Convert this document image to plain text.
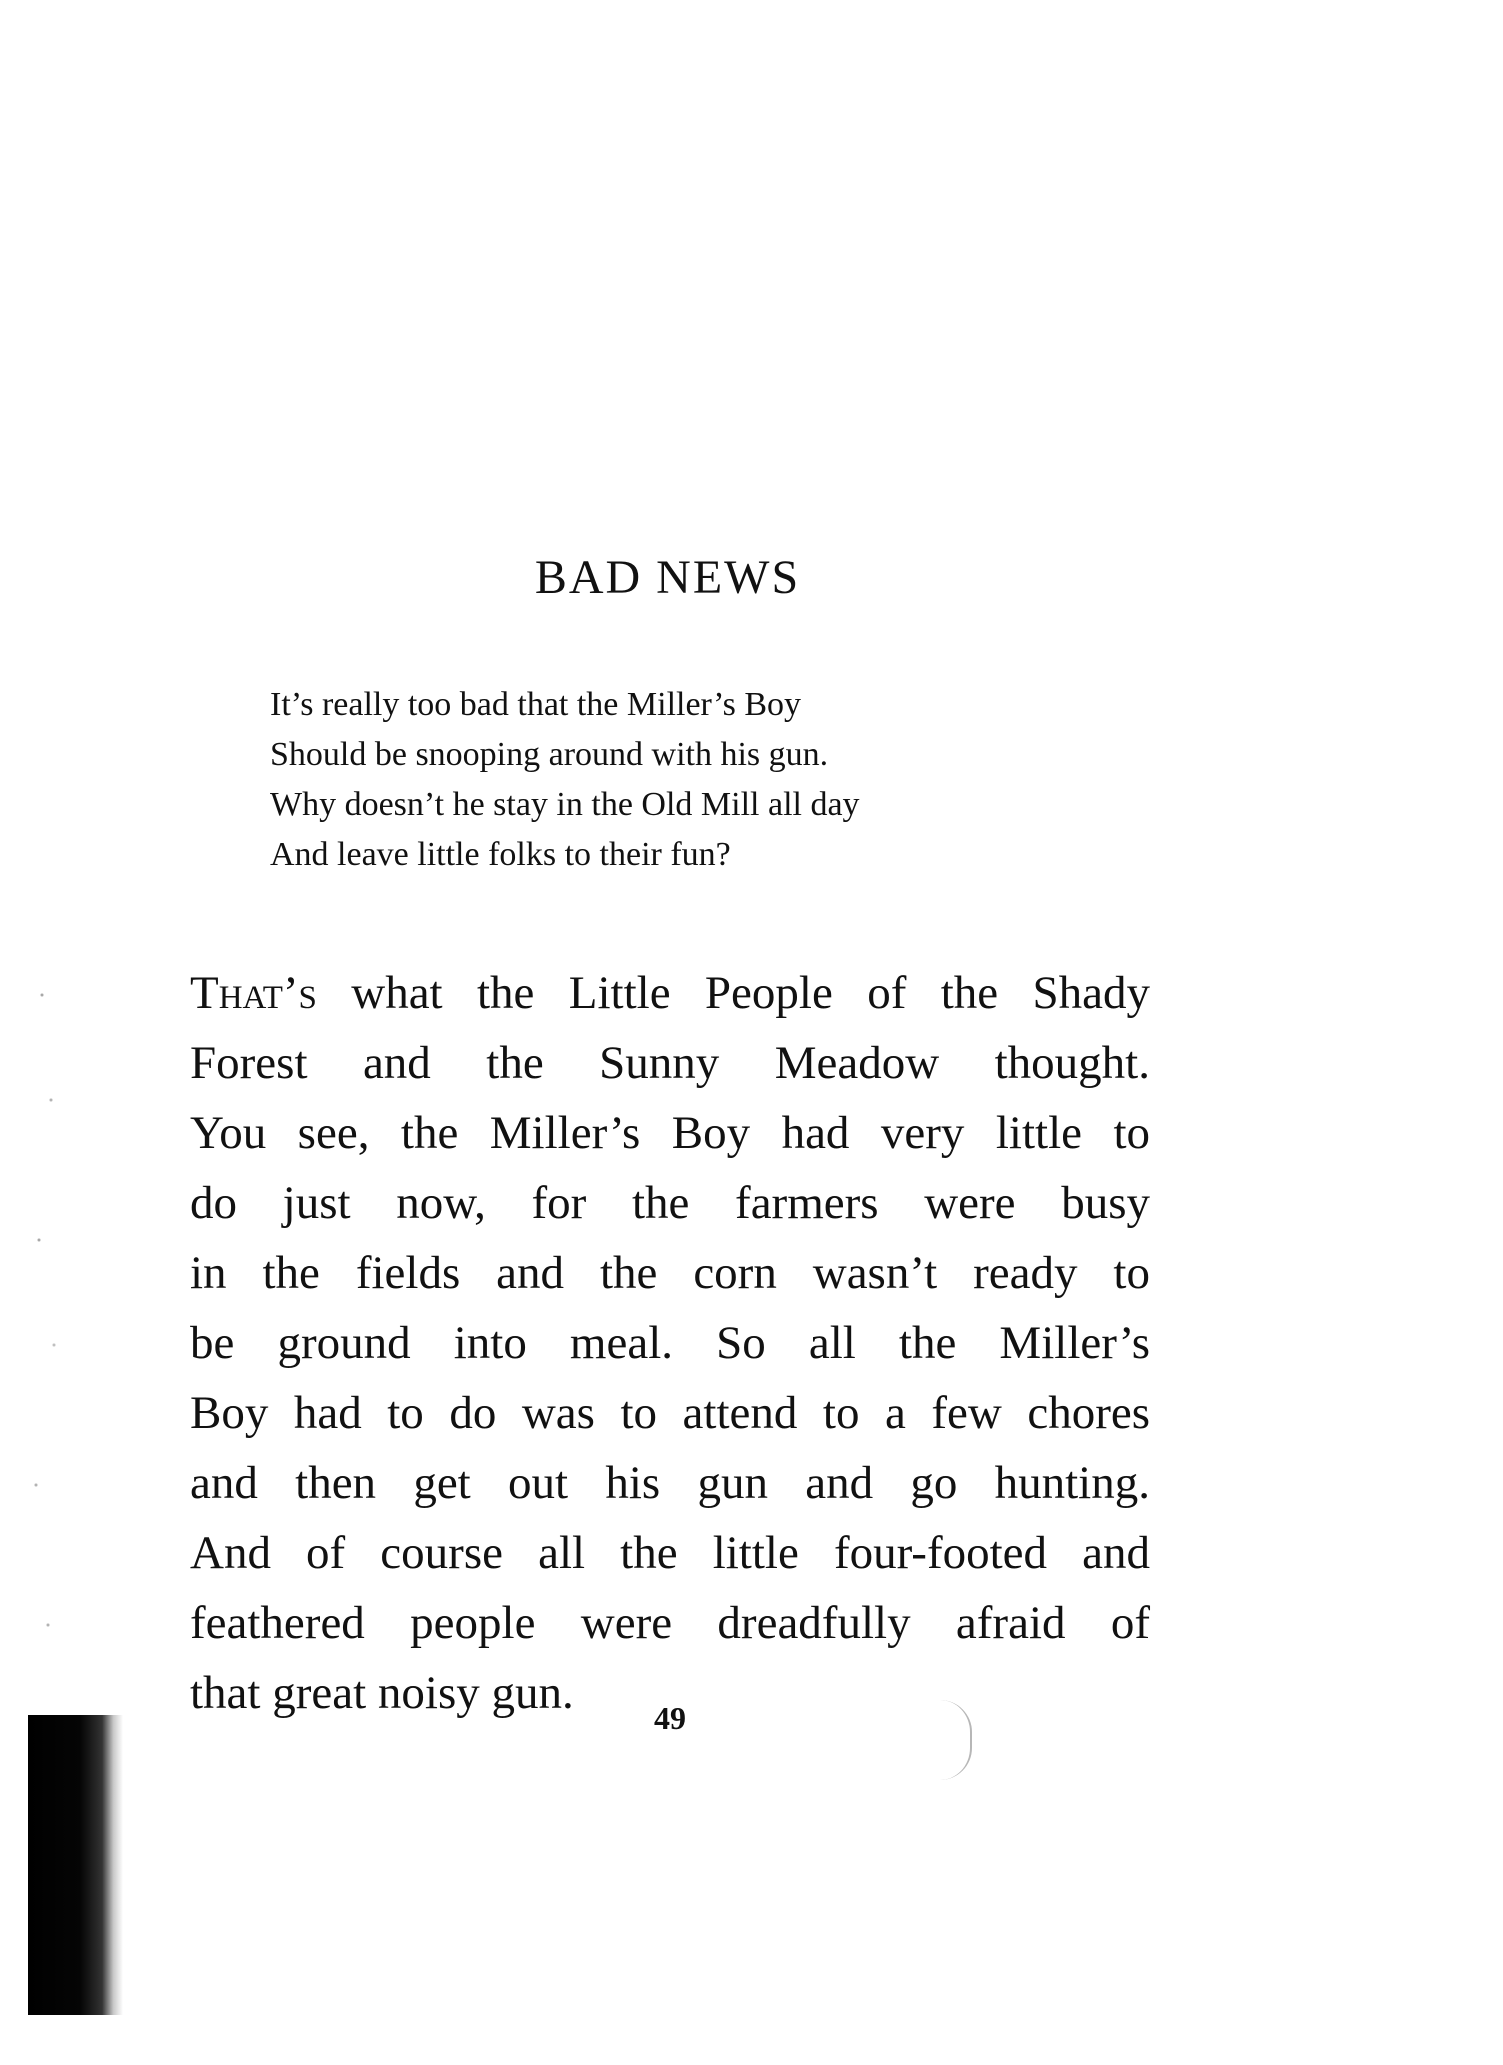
BAD NEWS
It’s really too bad that the Miller’s Boy
Should be snooping around with his gun.
Why doesn’t he stay in the Old Mill all day
And leave little folks to their fun?
That’s what the Little People of the Shady
Forest and the Sunny Meadow thought.
You see, the Miller’s Boy had very little to
do just now, for the farmers were busy
in the fields and the corn wasn’t ready to
be ground into meal. So all the Miller’s
Boy had to do was to attend to a few chores
and then get out his gun and go hunting.
And of course all the little four-footed and
feathered people were dreadfully afraid of
that great noisy gun.	49
